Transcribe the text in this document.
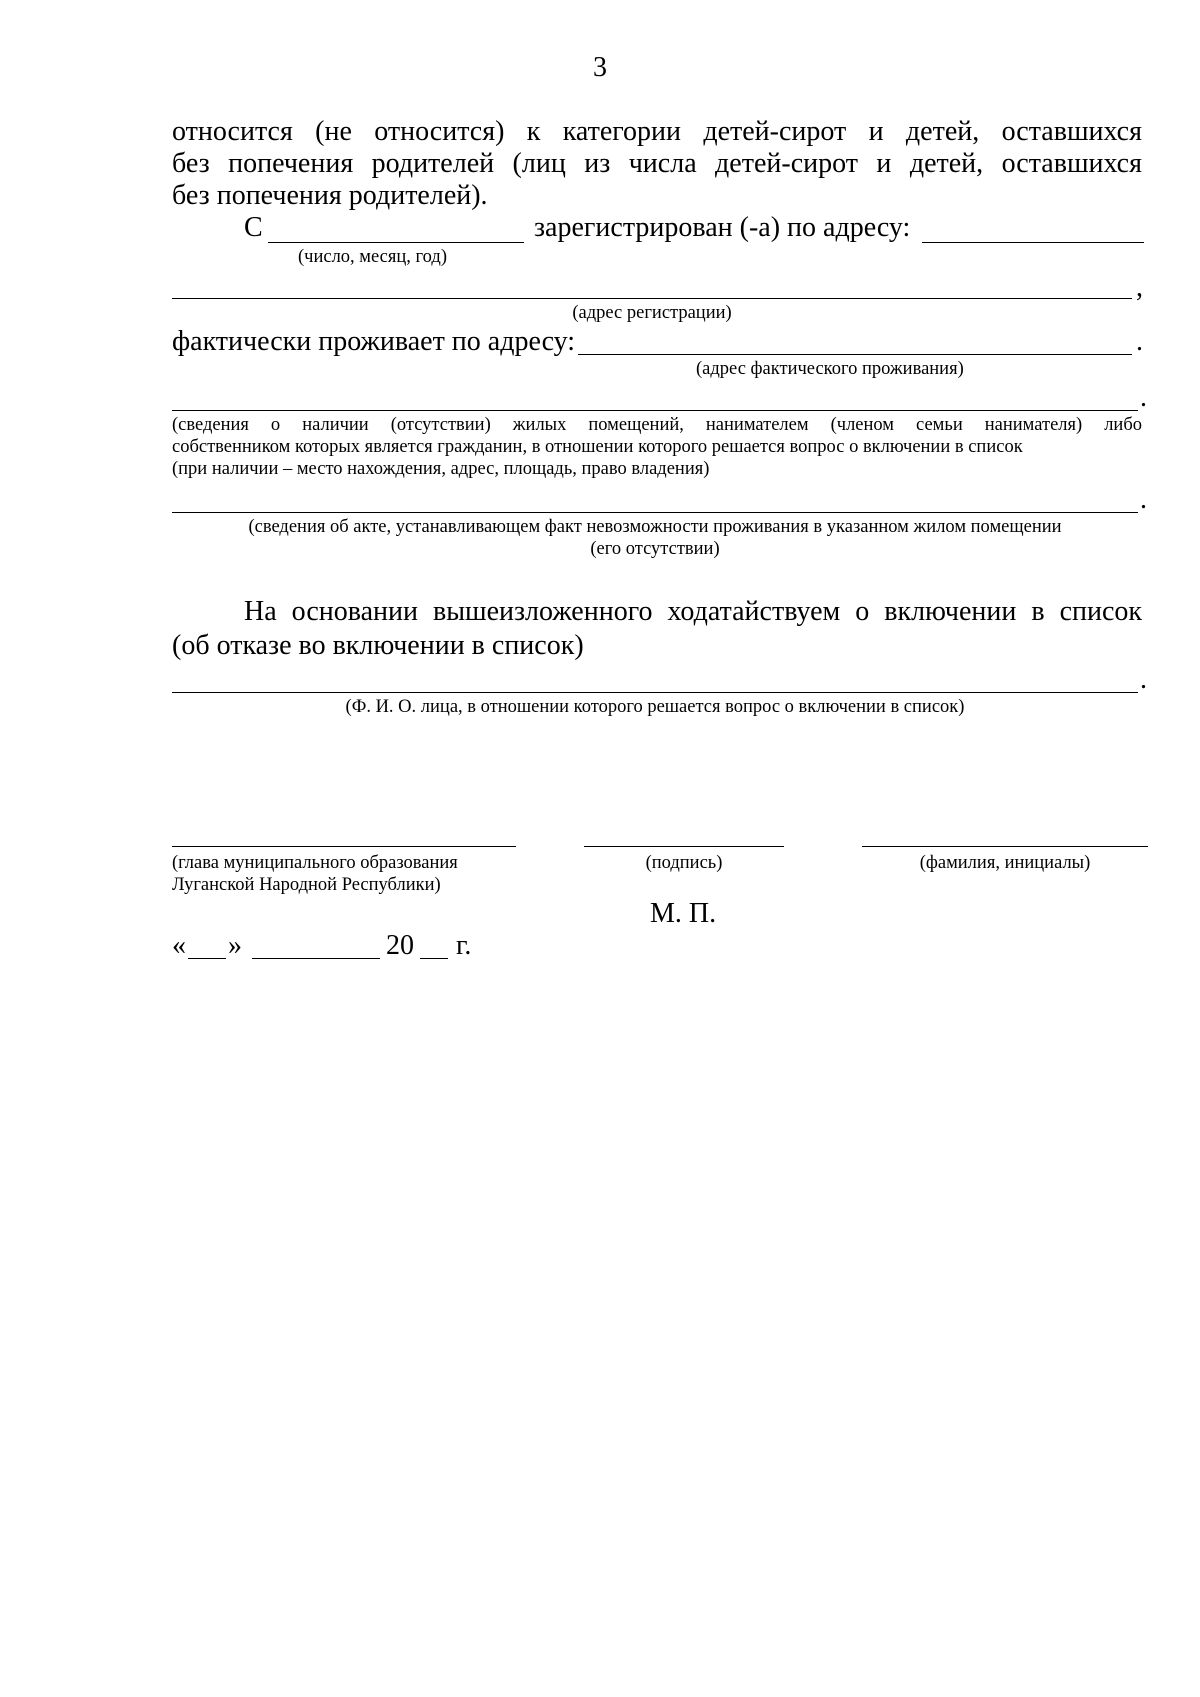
3
относится (не относится) к категории детей-сирот и детей, оставшихся
без попечения родителей (лиц из числа детей-сирот и детей, оставшихся
без попечения родителей).
С	зарегистрирован (-а) по адресу:
(число, месяц, год)
,
(адрес регистрации)
фактически проживает по адресу:	.
(адрес фактического проживания)
.
(сведения о наличии (отсутствии) жилых помещений, нанимателем (членом семьи нанимателя) либо
собственником которых является гражданин, в отношении которого решается вопрос о включении в список
(при наличии – место нахождения, адрес, площадь, право владения)
.
(сведения об акте, устанавливающем факт невозможности проживания в указанном жилом помещении
(его отсутствии)
На основании вышеизложенного ходатайствуем о включении в список
(об отказе во включении в список)
.
(Ф. И. О. лица, в отношении которого решается вопрос о включении в список)
(глава муниципального образования
Луганской Народной Республики)
(подпись)	(фамилия, инициалы)
М. П.
« »	20 г.
